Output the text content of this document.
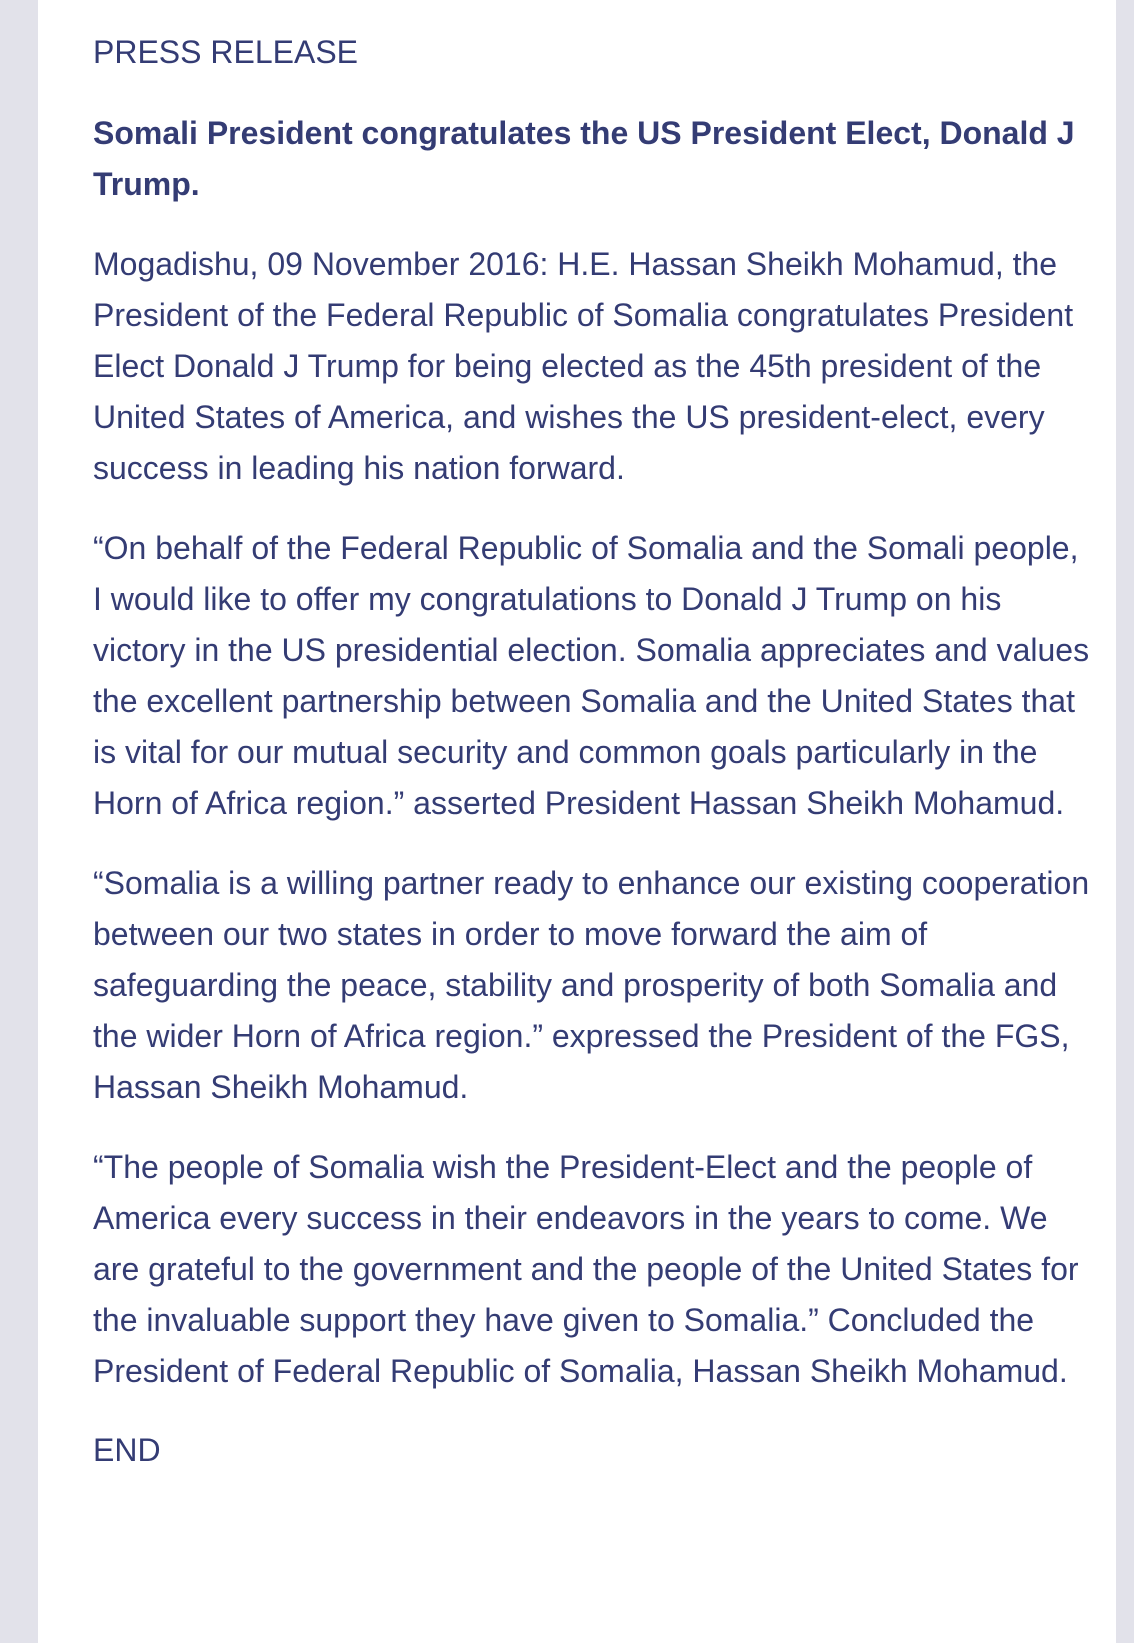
PRESS RELEASE
Somali President congratulates the US President Elect, Donald J Trump.

Mogadishu, 09 November 2016: H.E. Hassan Sheikh Mohamud, the President of the Federal Republic of Somalia congratulates President Elect Donald J Trump for being elected as the 45th president of the United States of America, and wishes the US president-elect, every success in leading his nation forward.

“On behalf of the Federal Republic of Somalia and the Somali people, I would like to offer my congratulations to Donald J Trump on his victory in the US presidential election. Somalia appreciates and values the excellent partnership between Somalia and the United States that is vital for our mutual security and common goals particularly in the Horn of Africa region.” asserted President Hassan Sheikh Mohamud.

“Somalia is a willing partner ready to enhance our existing cooperation between our two states in order to move forward the aim of safeguarding the peace, stability and prosperity of both Somalia and the wider Horn of Africa region.” expressed the President of the FGS, Hassan Sheikh Mohamud.

“The people of Somalia wish the President-Elect and the people of America every success in their endeavors in the years to come. We are grateful to the government and the people of the United States for the invaluable support they have given to Somalia.” Concluded the President of Federal Republic of Somalia, Hassan Sheikh Mohamud.

END
